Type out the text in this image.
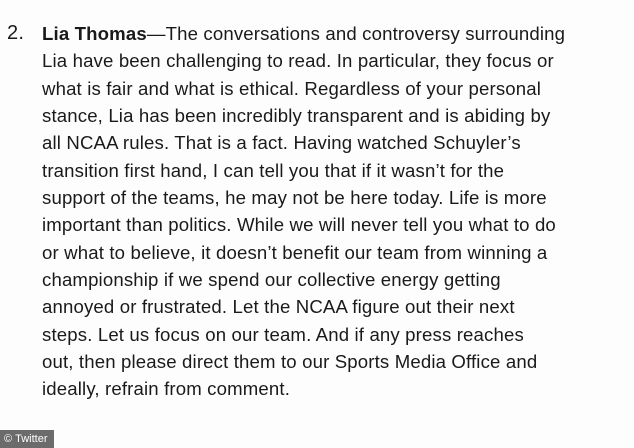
2. Lia Thomas—The conversations and controversy surrounding
Lia have been challenging to read. In particular, they focus or
what is fair and what is ethical. Regardless of your personal
stance, Lia has been incredibly transparent and is abiding by
all NCAA rules. That is a fact. Having watched Schuyler’s
transition first hand, I can tell you that if it wasn’t for the
support of the teams, he may not be here today. Life is more
important than politics. While we will never tell you what to do
or what to believe, it doesn’t benefit our team from winning a
championship if we spend our collective energy getting
annoyed or frustrated. Let the NCAA figure out their next
steps. Let us focus on our team. And if any press reaches
out, then please direct them to our Sports Media Office and
ideally, refrain from comment.
© Twitter
